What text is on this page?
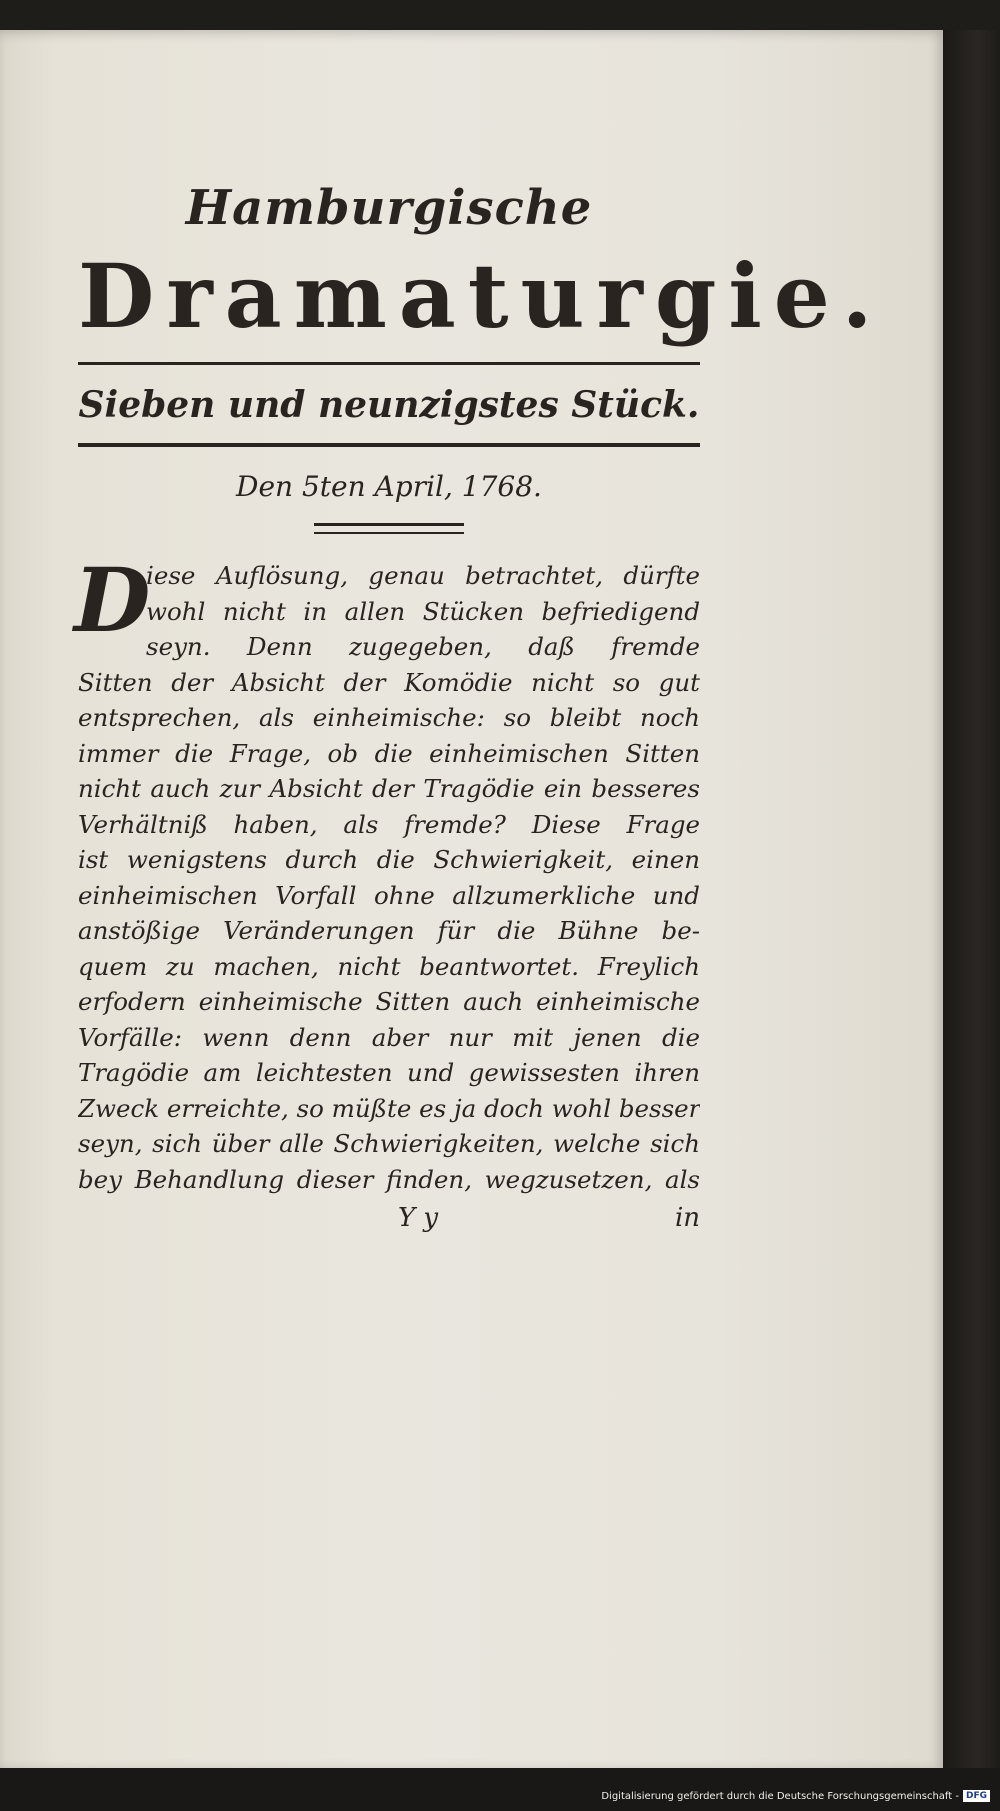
Hamburgische
Dramaturgie.
Sieben und neunzigstes Stück.
Den 5ten April, 1768.
D
iese Auflösung, genau betrachtet, dürfte
wohl nicht in allen Stücken befriedigend
seyn. Denn zugegeben, daß fremde
Sitten der Absicht der Komödie nicht so gut
entsprechen, als einheimische: so bleibt noch
immer die Frage, ob die einheimischen Sitten
nicht auch zur Absicht der Tragödie ein besseres
Verhältniß haben, als fremde? Diese Frage
ist wenigstens durch die Schwierigkeit, einen
einheimischen Vorfall ohne allzumerkliche und
anstößige Veränderungen für die Bühne be-
quem zu machen, nicht beantwortet. Freylich
erfodern einheimische Sitten auch einheimische
Vorfälle: wenn denn aber nur mit jenen die
Tragödie am leichtesten und gewissesten ihren
Zweck erreichte, so müßte es ja doch wohl besser
seyn, sich über alle Schwierigkeiten, welche sich
bey Behandlung dieser finden, wegzusetzen, als
Y y	in
Digitalisierung gefördert durch die Deutsche Forschungsgemeinschaft - DFG
